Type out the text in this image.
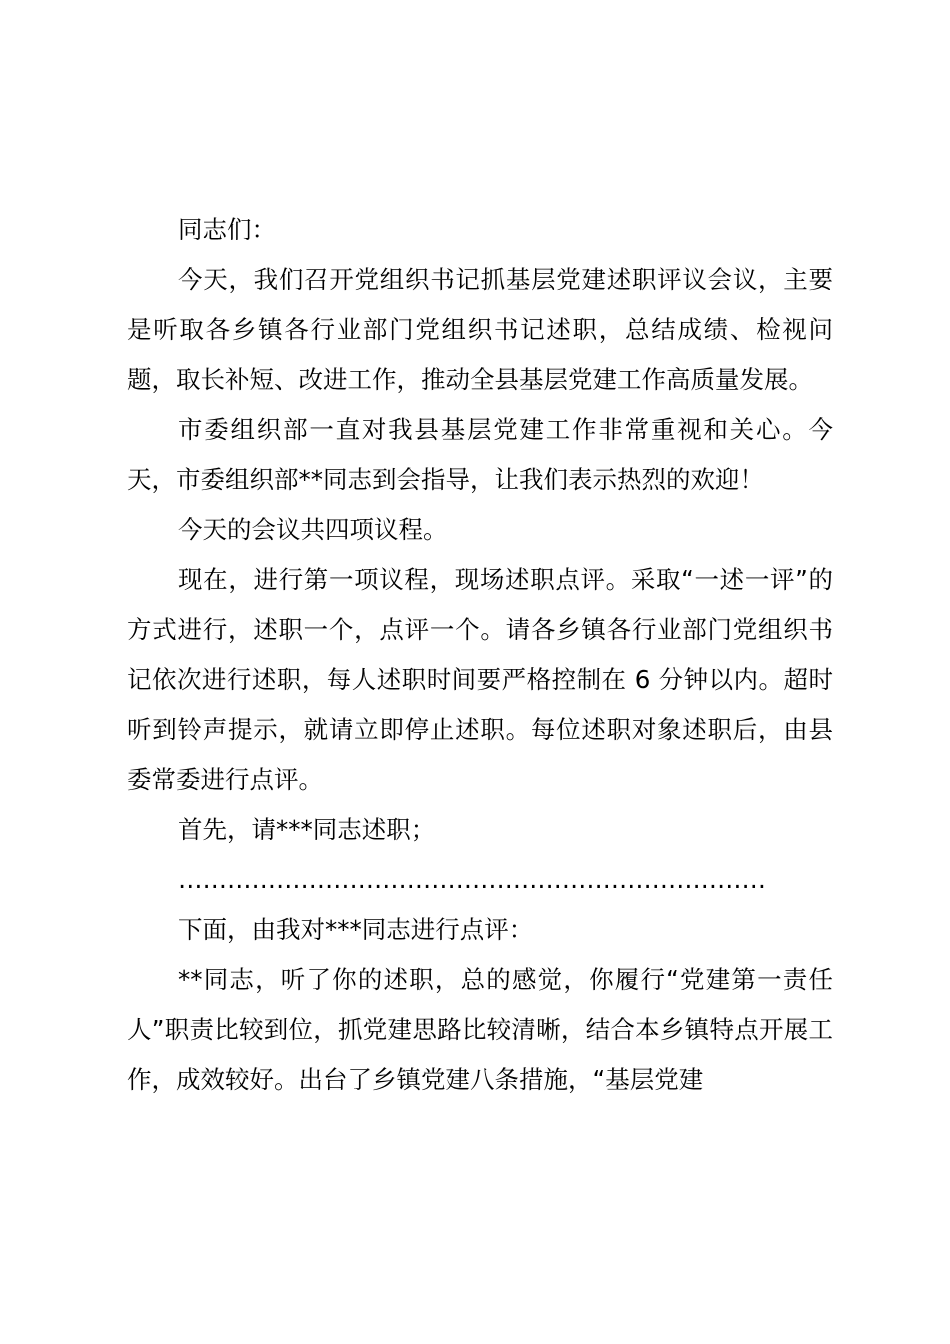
同志们：

今天，我们召开党组织书记抓基层党建述职评议会议，主要是听取各乡镇各行业部门党组织书记述职，总结成绩、检视问题，取长补短、改进工作，推动全县基层党建工作高质量发展。

市委组织部一直对我县基层党建工作非常重视和关心。今天，市委组织部**同志到会指导，让我们表示热烈的欢迎！

今天的会议共四项议程。

现在，进行第一项议程，现场述职点评。采取“一述一评”的方式进行，述职一个，点评一个。请各乡镇各行业部门党组织书记依次进行述职，每人述职时间要严格控制在 6 分钟以内。超时听到铃声提示，就请立即停止述职。每位述职对象述职后，由县委常委进行点评。

首先，请***同志述职；

………………………………………………………………

下面，由我对***同志进行点评：

**同志，听了你的述职，总的感觉，你履行“党建第一责任人”职责比较到位，抓党建思路比较清晰，结合本乡镇特点开展工作，成效较好。出台了乡镇党建八条措施，“基层党建
